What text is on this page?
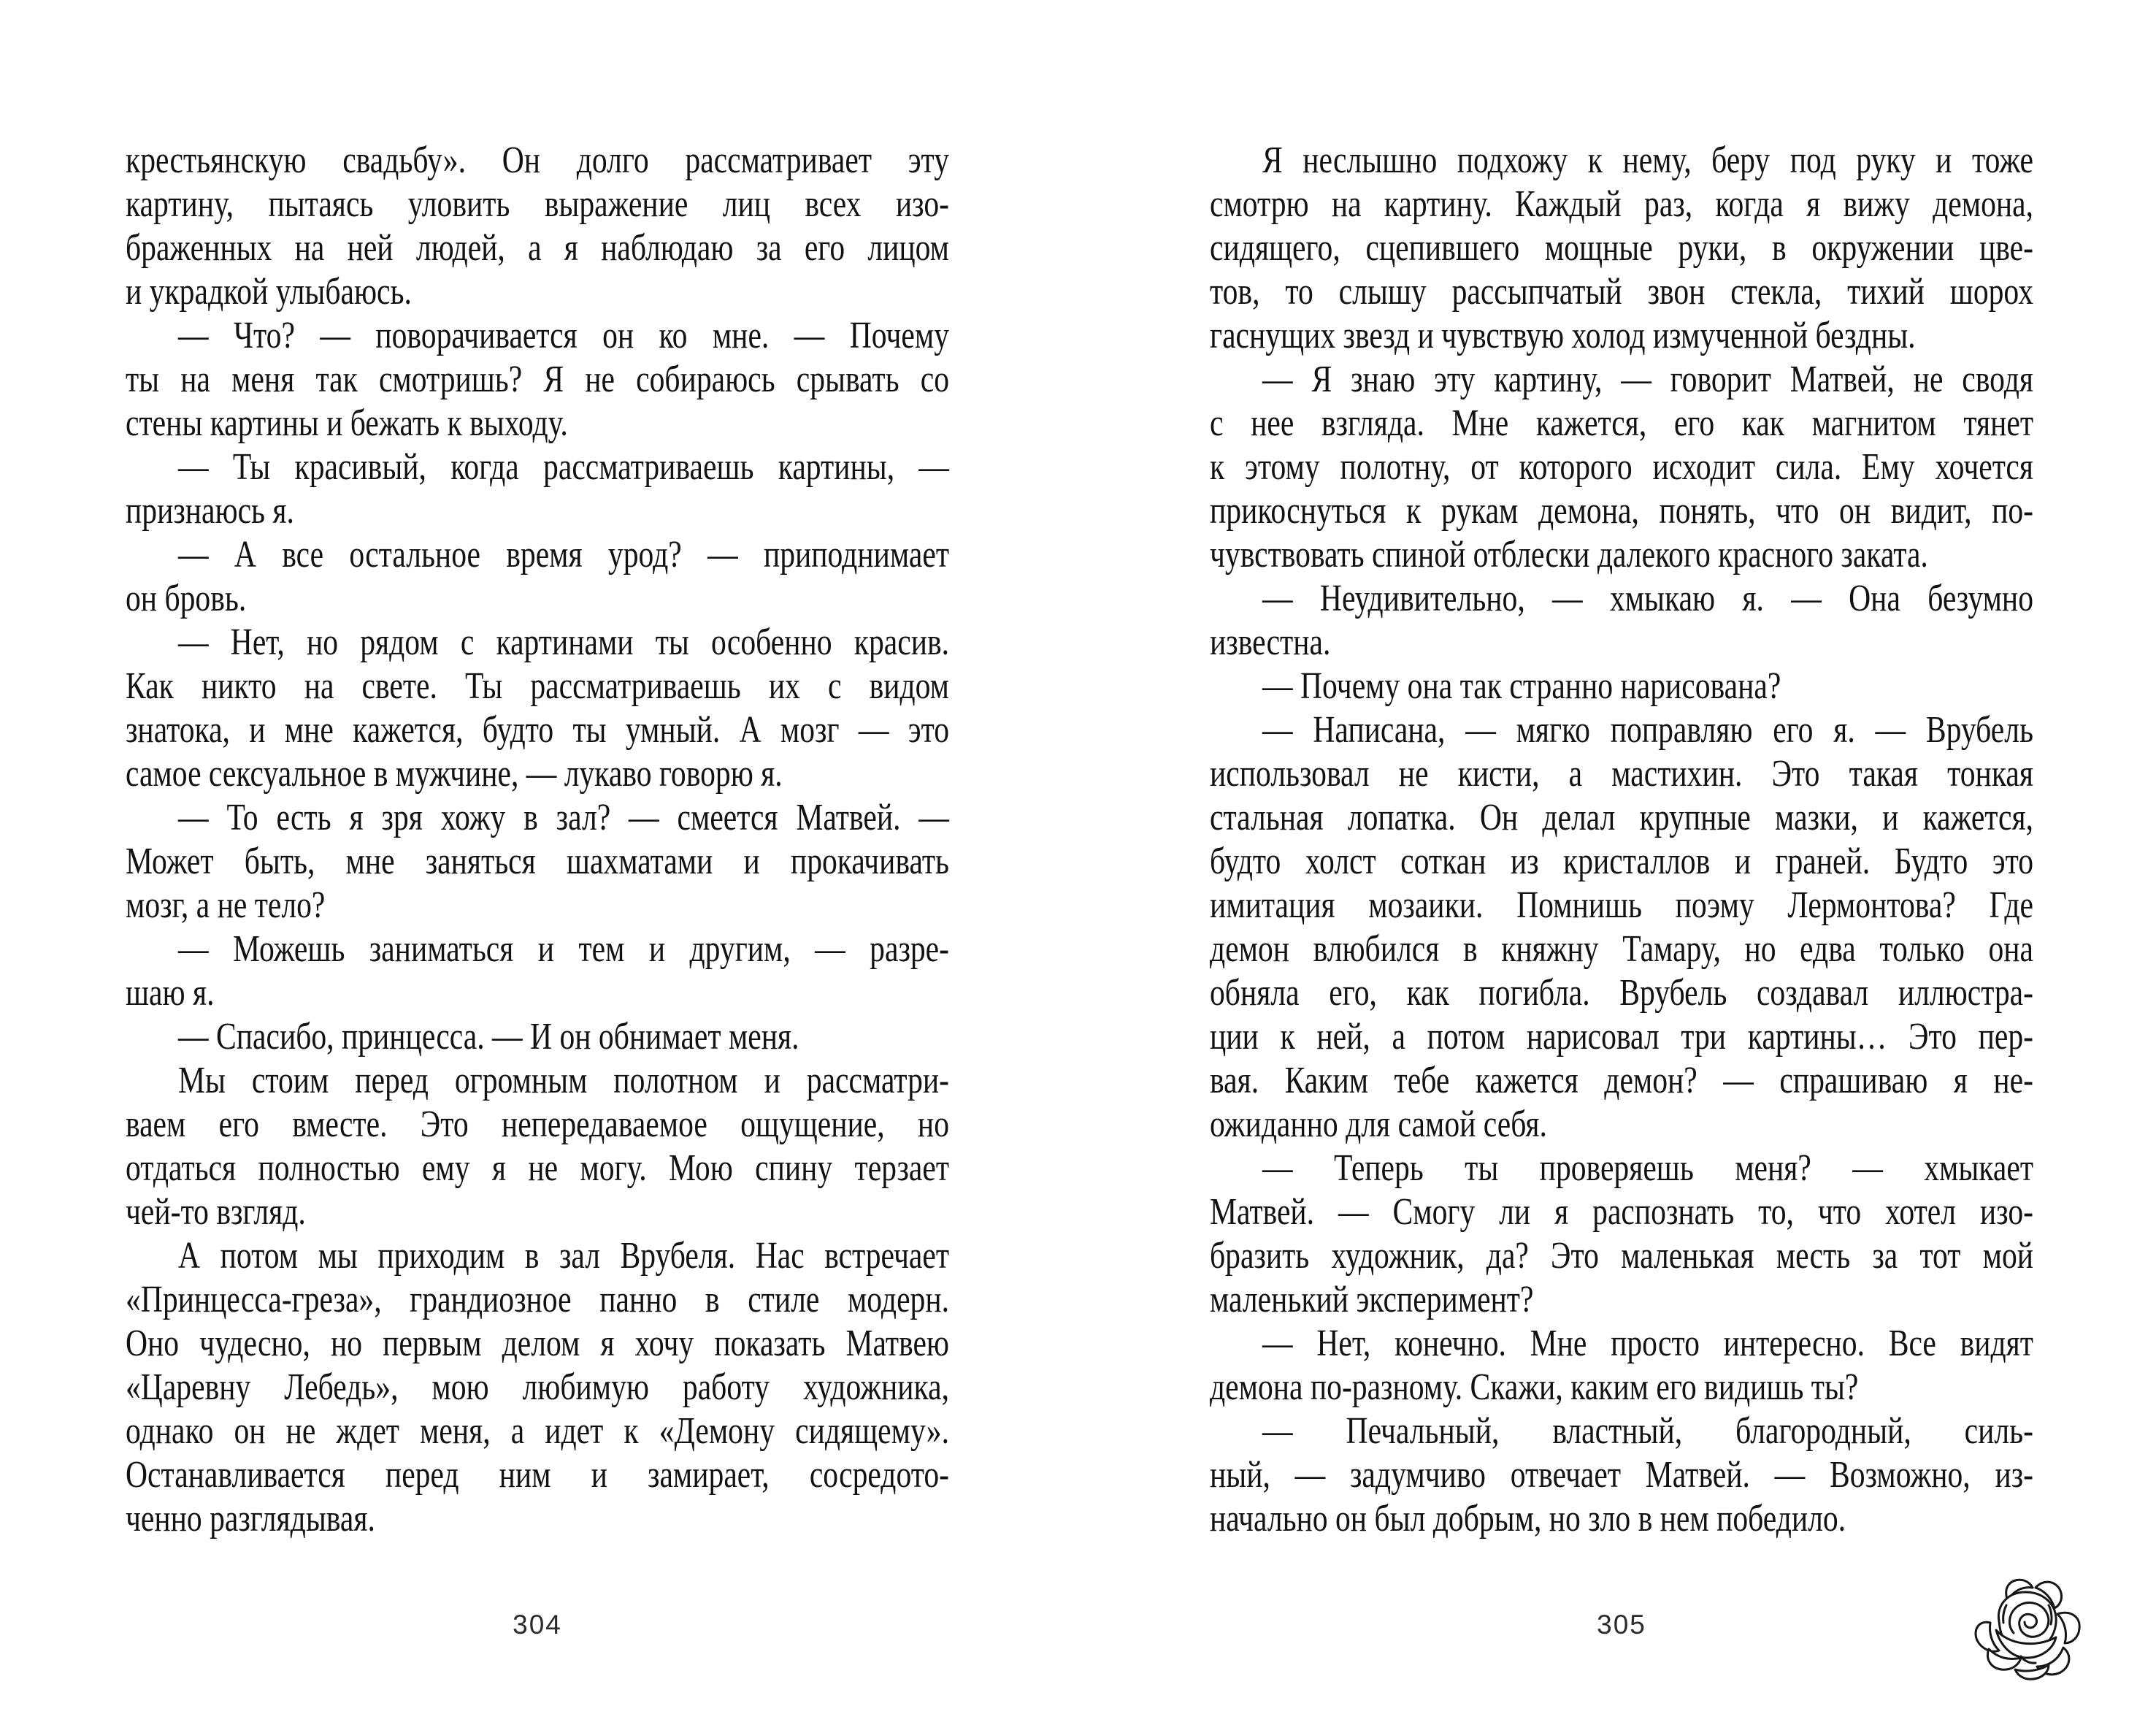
крестьянскую свадьбу». Он долго рассматривает эту
картину, пытаясь уловить выражение лиц всех изо-
браженных на ней людей, а я наблюдаю за его лицом
и украдкой улыбаюсь.
— Что? — поворачивается он ко мне. — Почему
ты на меня так смотришь? Я не собираюсь срывать со
стены картины и бежать к выходу.
— Ты красивый, когда рассматриваешь картины, —
признаюсь я.
— А все остальное время урод? — приподнимает
он бровь.
— Нет, но рядом с картинами ты особенно красив.
Как никто на свете. Ты рассматриваешь их с видом
знатока, и мне кажется, будто ты умный. А мозг — это
самое сексуальное в мужчине, — лукаво говорю я.
— То есть я зря хожу в зал? — смеется Матвей. —
Может быть, мне заняться шахматами и прокачивать
мозг, а не тело?
— Можешь заниматься и тем и другим, — разре-
шаю я.
— Спасибо, принцесса. — И он обнимает меня.
Мы стоим перед огромным полотном и рассматри-
ваем его вместе. Это непередаваемое ощущение, но
отдаться полностью ему я не могу. Мою спину терзает
чей-то взгляд.
А потом мы приходим в зал Врубеля. Нас встречает
«Принцесса-греза», грандиозное панно в стиле модерн.
Оно чудесно, но первым делом я хочу показать Матвею
«Царевну Лебедь», мою любимую работу художника,
однако он не ждет меня, а идет к «Демону сидящему».
Останавливается перед ним и замирает, сосредото-
ченно разглядывая.
Я неслышно подхожу к нему, беру под руку и тоже
смотрю на картину. Каждый раз, когда я вижу демона,
сидящего, сцепившего мощные руки, в окружении цве-
тов, то слышу рассыпчатый звон стекла, тихий шорох
гаснущих звезд и чувствую холод измученной бездны.
— Я знаю эту картину, — говорит Матвей, не сводя
с нее взгляда. Мне кажется, его как магнитом тянет
к этому полотну, от которого исходит сила. Ему хочется
прикоснуться к рукам демона, понять, что он видит, по-
чувствовать спиной отблески далекого красного заката.
— Неудивительно, — хмыкаю я. — Она безумно
известна.
— Почему она так странно нарисована?
— Написана, — мягко поправляю его я. — Врубель
использовал не кисти, а мастихин. Это такая тонкая
стальная лопатка. Он делал крупные мазки, и кажется,
будто холст соткан из кристаллов и граней. Будто это
имитация мозаики. Помнишь поэму Лермонтова? Где
демон влюбился в княжну Тамару, но едва только она
обняла его, как погибла. Врубель создавал иллюстра-
ции к ней, а потом нарисовал три картины… Это пер-
вая. Каким тебе кажется демон? — спрашиваю я не-
ожиданно для самой себя.
— Теперь ты проверяешь меня? — хмыкает
Матвей. — Смогу ли я распознать то, что хотел изо-
бразить художник, да? Это маленькая месть за тот мой
маленький эксперимент?
— Нет, конечно. Мне просто интересно. Все видят
демона по-разному. Скажи, каким его видишь ты?
— Печальный, властный, благородный, силь-
ный, — задумчиво отвечает Матвей. — Возможно, из-
начально он был добрым, но зло в нем победило.
304	305
